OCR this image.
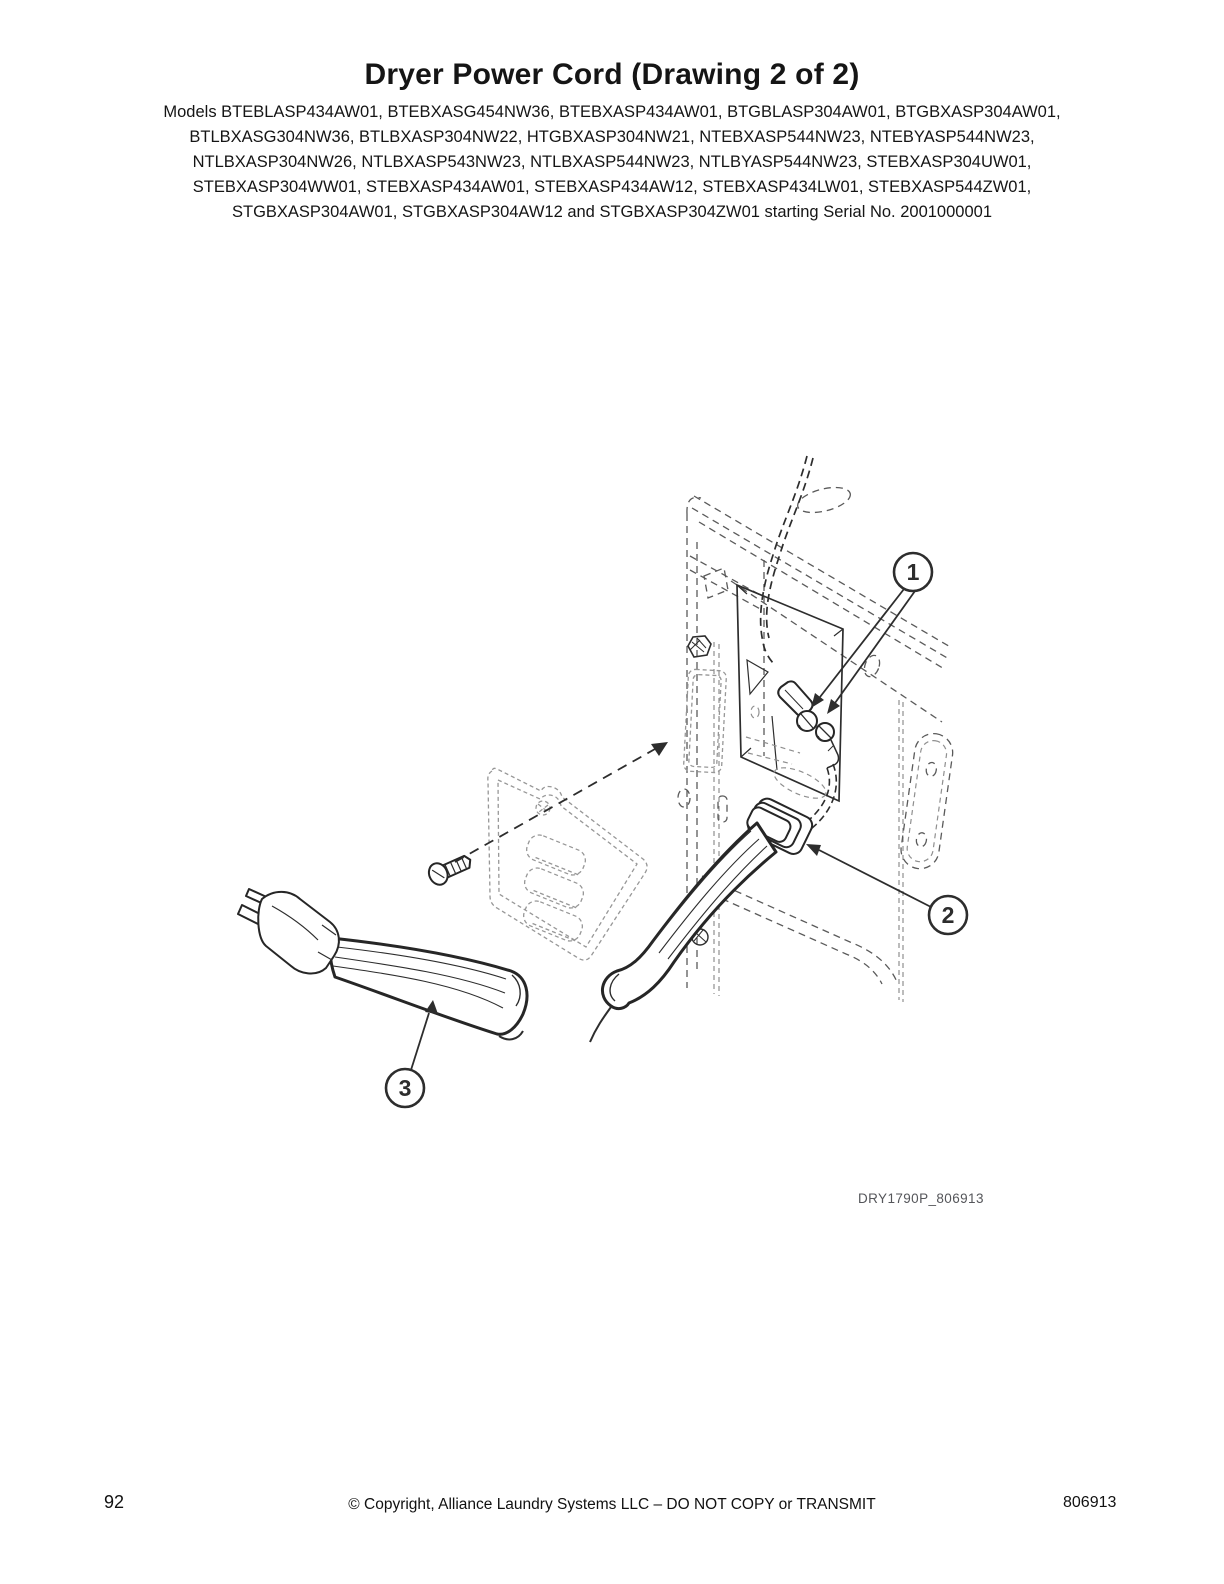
Dryer Power Cord (Drawing 2 of 2)
Models BTEBLASP434AW01, BTEBXASG454NW36, BTEBXASP434AW01, BTGBLASP304AW01, BTGBXASP304AW01,
BTLBXASG304NW36, BTLBXASP304NW22, HTGBXASP304NW21, NTEBXASP544NW23, NTEBYASP544NW23,
NTLBXASP304NW26, NTLBXASP543NW23, NTLBXASP544NW23, NTLBYASP544NW23, STEBXASP304UW01,
STEBXASP304WW01, STEBXASP434AW01, STEBXASP434AW12, STEBXASP434LW01, STEBXASP544ZW01,
STGBXASP304AW01, STGBXASP304AW12 and STGBXASP304ZW01 starting Serial No. 2001000001
1
2
3
DRY1790P_806913
92	© Copyright, Alliance Laundry Systems LLC – DO NOT COPY or TRANSMIT	806913
